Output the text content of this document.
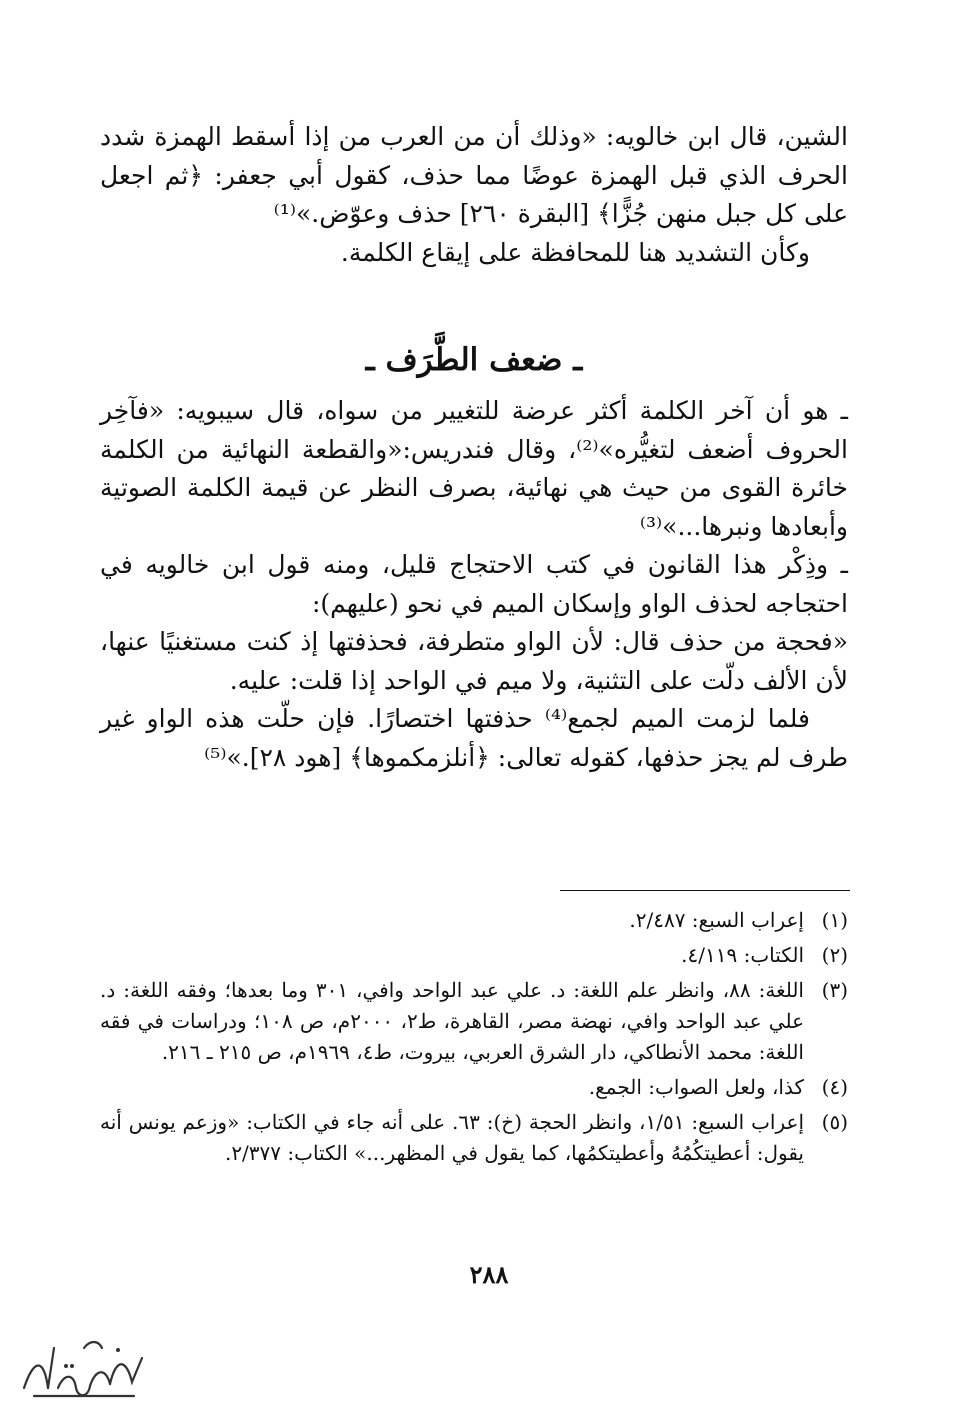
الشين، قال ابن خالويه: «وذلك أن من العرب من إذا أسقط الهمزة شدد الحرف الذي قبل الهمزة عوضًا مما حذف، كقول أبي جعفر: ﴿ثم اجعل على كل جبل منهن جُزًّا﴾ [البقرة ٢٦٠] حذف وعوّض.»⁽¹⁾

وكأن التشديد هنا للمحافظة على إيقاع الكلمة.

ـ ضعف الطَّرَف ـ

ـ هو أن آخر الكلمة أكثر عرضة للتغيير من سواه، قال سيبويه: «فآخِر الحروف أضعف لتغيُّره»⁽²⁾، وقال فندريس:«والقطعة النهائية من الكلمة خائرة القوى من حيث هي نهائية، بصرف النظر عن قيمة الكلمة الصوتية وأبعادها ونبرها...»⁽³⁾

ـ وذِكْر هذا القانون في كتب الاحتجاج قليل، ومنه قول ابن خالويه في احتجاجه لحذف الواو وإسكان الميم في نحو (عليهم):

«فحجة من حذف قال: لأن الواو متطرفة، فحذفتها إذ كنت مستغنيًا عنها، لأن الألف دلّت على التثنية، ولا ميم في الواحد إذا قلت: عليه.

فلما لزمت الميم لجمع⁽⁴⁾ حذفتها اختصارًا. فإن حلّت هذه الواو غير طرف لم يجز حذفها، كقوله تعالى: ﴿أنلزمكموها﴾ [هود ٢٨].»⁽⁵⁾

(١)
إعراب السبع: ٢/٤٨٧.
(٢)
الكتاب: ٤/١١٩.
(٣)
اللغة: ٨٨، وانظر علم اللغة: د. علي عبد الواحد وافي، ٣٠١ وما بعدها؛ وفقه اللغة: د. علي عبد الواحد وافي، نهضة مصر، القاهرة، ط٢، ٢٠٠٠م، ص ١٠٨؛ ودراسات في فقه اللغة: محمد الأنطاكي، دار الشرق العربي، بيروت، ط٤، ١٩٦٩م، ص ٢١٥ ـ ٢١٦.
(٤)
كذا، ولعل الصواب: الجمع.
(٥)
إعراب السبع: ١/٥١، وانظر الحجة (خ): ٦٣. على أنه جاء في الكتاب: «وزعم يونس أنه يقول: أعطيتكُمُهُ وأعطيتكمُها، كما يقول في المظهر...» الكتاب: ٢/٣٧٧.
٢٨٨
